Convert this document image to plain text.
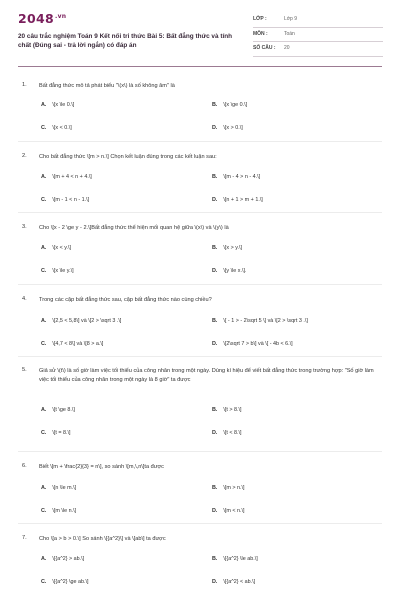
$2048^{.vn}$
20 câu trắc nghiệm Toán 9 Kết nối tri thức Bài 5: Bất đẳng thức và tính chất (Đúng sai - trả lời ngắn) có đáp án
LỚP :	Lớp 9
MÔN :	Toán
SỐ CÂU : 20
1. Bất đẳng thức mô tả phát biểu "\(x\) là số không âm" là
A. \[x \le 0.\]	B. \[x \ge 0.\]
C. \[x < 0.\]	D. \[x > 0.\]
2. Cho bất đẳng thức \[m > n.\] Chọn kết luận đúng trong các kết luận sau:
A. \[m + 4 < n + 4.\]	B. \[m - 4 > n - 4.\]
C. \[m - 1 < n - 1.\]	D. \[n + 1 > m + 1.\]
3. Cho \[x - 2 \ge y - 2.\]Bất đẳng thức thể hiện mối quan hệ giữa \(x\) và \(y\) là
A. \[x < y.\]	B. \[x > y.\]
C. \[x \le y.\]	D. \[y \le x.\].
4. Trong các cặp bất đẳng thức sau, cặp bất đẳng thức nào cùng chiều?
A. \[2,5 < 5,8\] và \[2 > \sqrt 3 .\]	B. \[ - 1 > - 2\sqrt 5 \] và \[2 > \sqrt 3 .\]
C. \[4,7 < 8\] và \[8 > a.\]	D. \[2\sqrt 7 > b\] và \[ - 4b < 6.\]
5. Giả sử \(t\) là số giờ làm việc tối thiểu của công nhân trong một ngày. Dùng kí hiệu để viết bất đẳng thức trong trường hợp: "Số giờ làm việc tối thiểu của công nhân trong một ngày là 8 giờ" ta được
A. \[t \ge 8.\]	B. \[t > 8.\]
C. \[t = 8.\]	D. \[t < 8.\]
6. Biết \[m + \frac{2}{3} = n\], so sánh \[m,\,n\]ta được
A. \[n \le m.\]	B. \[m > n.\]
C. \[m \le n.\]	D. \[m < n.\]
7. Cho \[a > b > 0.\] So sánh \[{a^2}\] và \[ab\] ta được
A. \[{a^2} > ab.\]	B. \[{a^2} \le ab.\]
C. \[{a^2} \ge ab.\]	D. \[{a^2} < ab.\]
